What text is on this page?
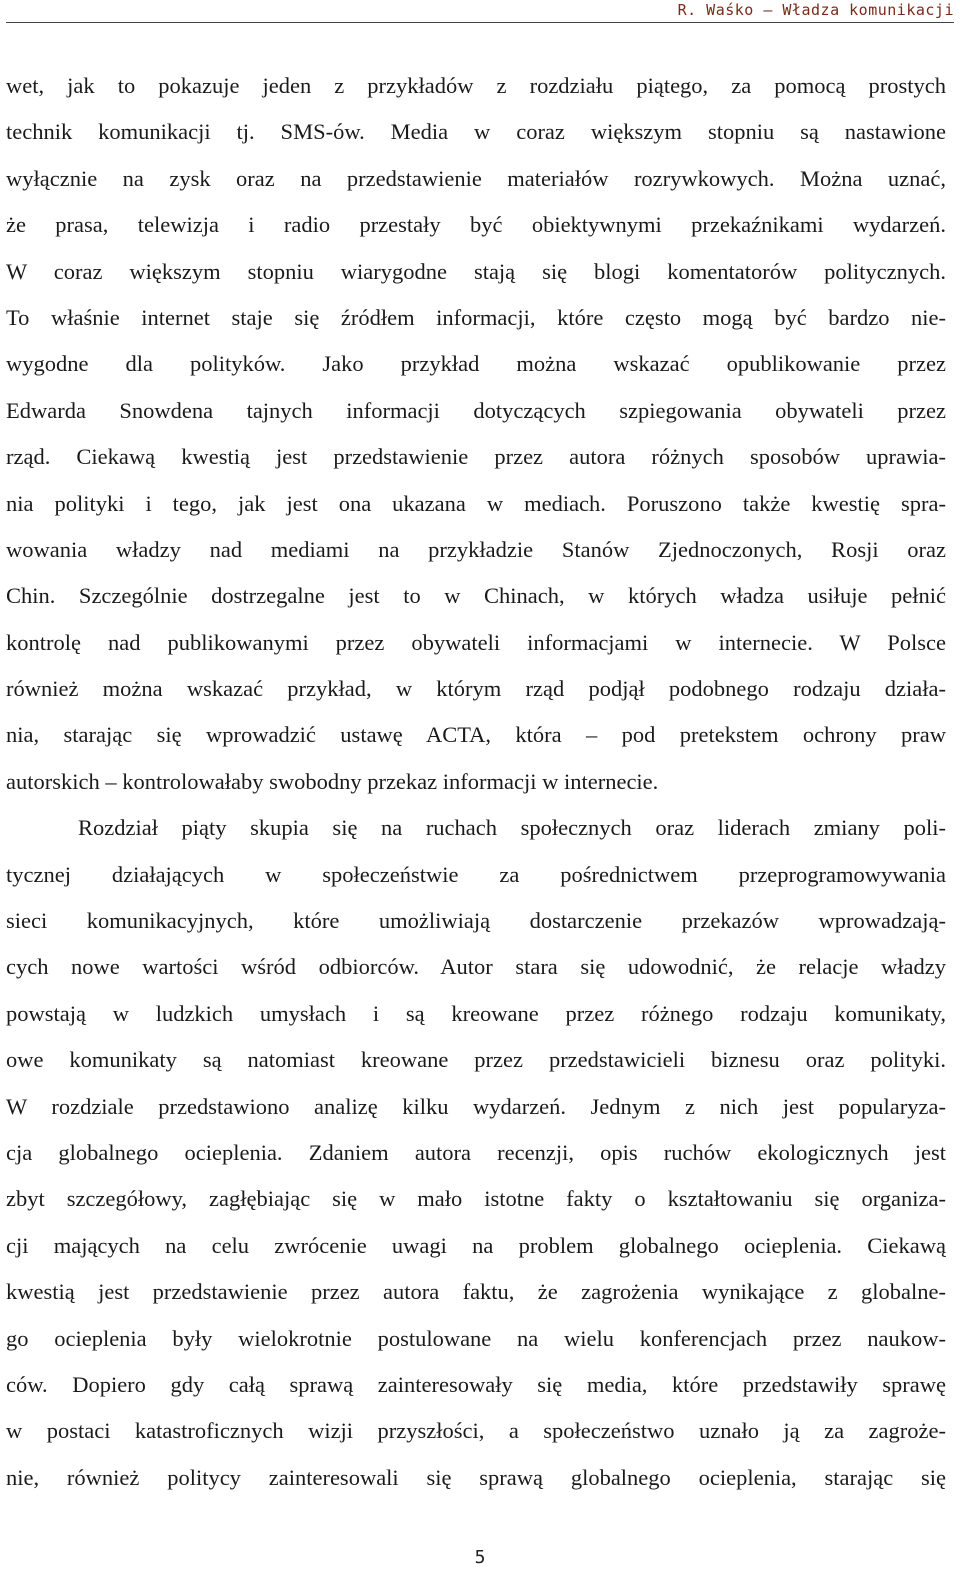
R. Waśko – Władza komunikacji
wet, jak to pokazuje jeden z przykładów z rozdziału piątego, za pomocą prostych
technik komunikacji tj. SMS-ów. Media w coraz większym stopniu są nastawione
wyłącznie na zysk oraz na przedstawienie materiałów rozrywkowych. Można uznać,
że prasa, telewizja i radio przestały być obiektywnymi przekaźnikami wydarzeń.
W coraz większym stopniu wiarygodne stają się blogi komentatorów politycznych.
To właśnie internet staje się źródłem informacji, które często mogą być bardzo nie-
wygodne dla polityków. Jako przykład można wskazać opublikowanie przez
Edwarda Snowdena tajnych informacji dotyczących szpiegowania obywateli przez
rząd. Ciekawą kwestią jest przedstawienie przez autora różnych sposobów uprawia-
nia polityki i tego, jak jest ona ukazana w mediach. Poruszono także kwestię spra-
wowania władzy nad mediami na przykładzie Stanów Zjednoczonych, Rosji oraz
Chin. Szczególnie dostrzegalne jest to w Chinach, w których władza usiłuje pełnić
kontrolę nad publikowanymi przez obywateli informacjami w internecie. W Polsce
również można wskazać przykład, w którym rząd podjął podobnego rodzaju działa-
nia, starając się wprowadzić ustawę ACTA, która – pod pretekstem ochrony praw
autorskich – kontrolowałaby swobodny przekaz informacji w internecie.
Rozdział piąty skupia się na ruchach społecznych oraz liderach zmiany poli-
tycznej działających w społeczeństwie za pośrednictwem przeprogramowywania
sieci komunikacyjnych, które umożliwiają dostarczenie przekazów wprowadzają-
cych nowe wartości wśród odbiorców. Autor stara się udowodnić, że relacje władzy
powstają w ludzkich umysłach i są kreowane przez różnego rodzaju komunikaty,
owe komunikaty są natomiast kreowane przez przedstawicieli biznesu oraz polityki.
W rozdziale przedstawiono analizę kilku wydarzeń. Jednym z nich jest popularyza-
cja globalnego ocieplenia. Zdaniem autora recenzji, opis ruchów ekologicznych jest
zbyt szczegółowy, zagłębiając się w mało istotne fakty o kształtowaniu się organiza-
cji mających na celu zwrócenie uwagi na problem globalnego ocieplenia. Ciekawą
kwestią jest przedstawienie przez autora faktu, że zagrożenia wynikające z globalne-
go ocieplenia były wielokrotnie postulowane na wielu konferencjach przez naukow-
ców. Dopiero gdy całą sprawą zainteresowały się media, które przedstawiły sprawę
w postaci katastroficznych wizji przyszłości, a społeczeństwo uznało ją za zagroże-
nie, również politycy zainteresowali się sprawą globalnego ocieplenia, starając się
5
